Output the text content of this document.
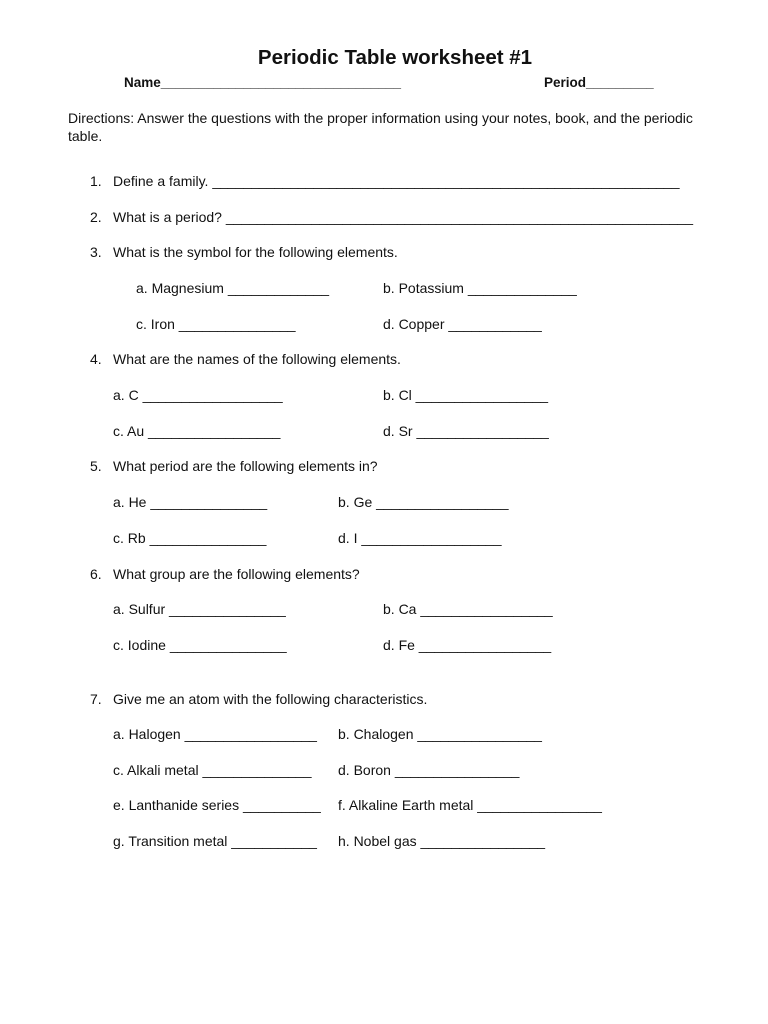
Periodic Table worksheet #1
Name________________________________	Period_________
Directions: Answer the questions with the proper information using your notes, book, and the periodic table.
1. Define a family. ____________________________________________________________
2. What is a period? ____________________________________________________________
3. What is the symbol for the following elements.
a. Magnesium _____________	b. Potassium ______________
c. Iron _______________	d. Copper ____________
4. What are the names of the following elements.
a. C __________________	b. Cl _________________
c. Au _________________	d. Sr _________________
5. What period are the following elements in?
a. He _______________	b. Ge _________________
c. Rb _______________	d. I __________________
6. What group are the following elements?
a. Sulfur _______________	b. Ca _________________
c. Iodine _______________	d. Fe _________________
7. Give me an atom with the following characteristics.
a. Halogen _________________ b. Chalogen ________________
c. Alkali metal ______________ d. Boron ________________
e. Lanthanide series __________ f. Alkaline Earth metal ________________
g. Transition metal ___________ h. Nobel gas ________________
